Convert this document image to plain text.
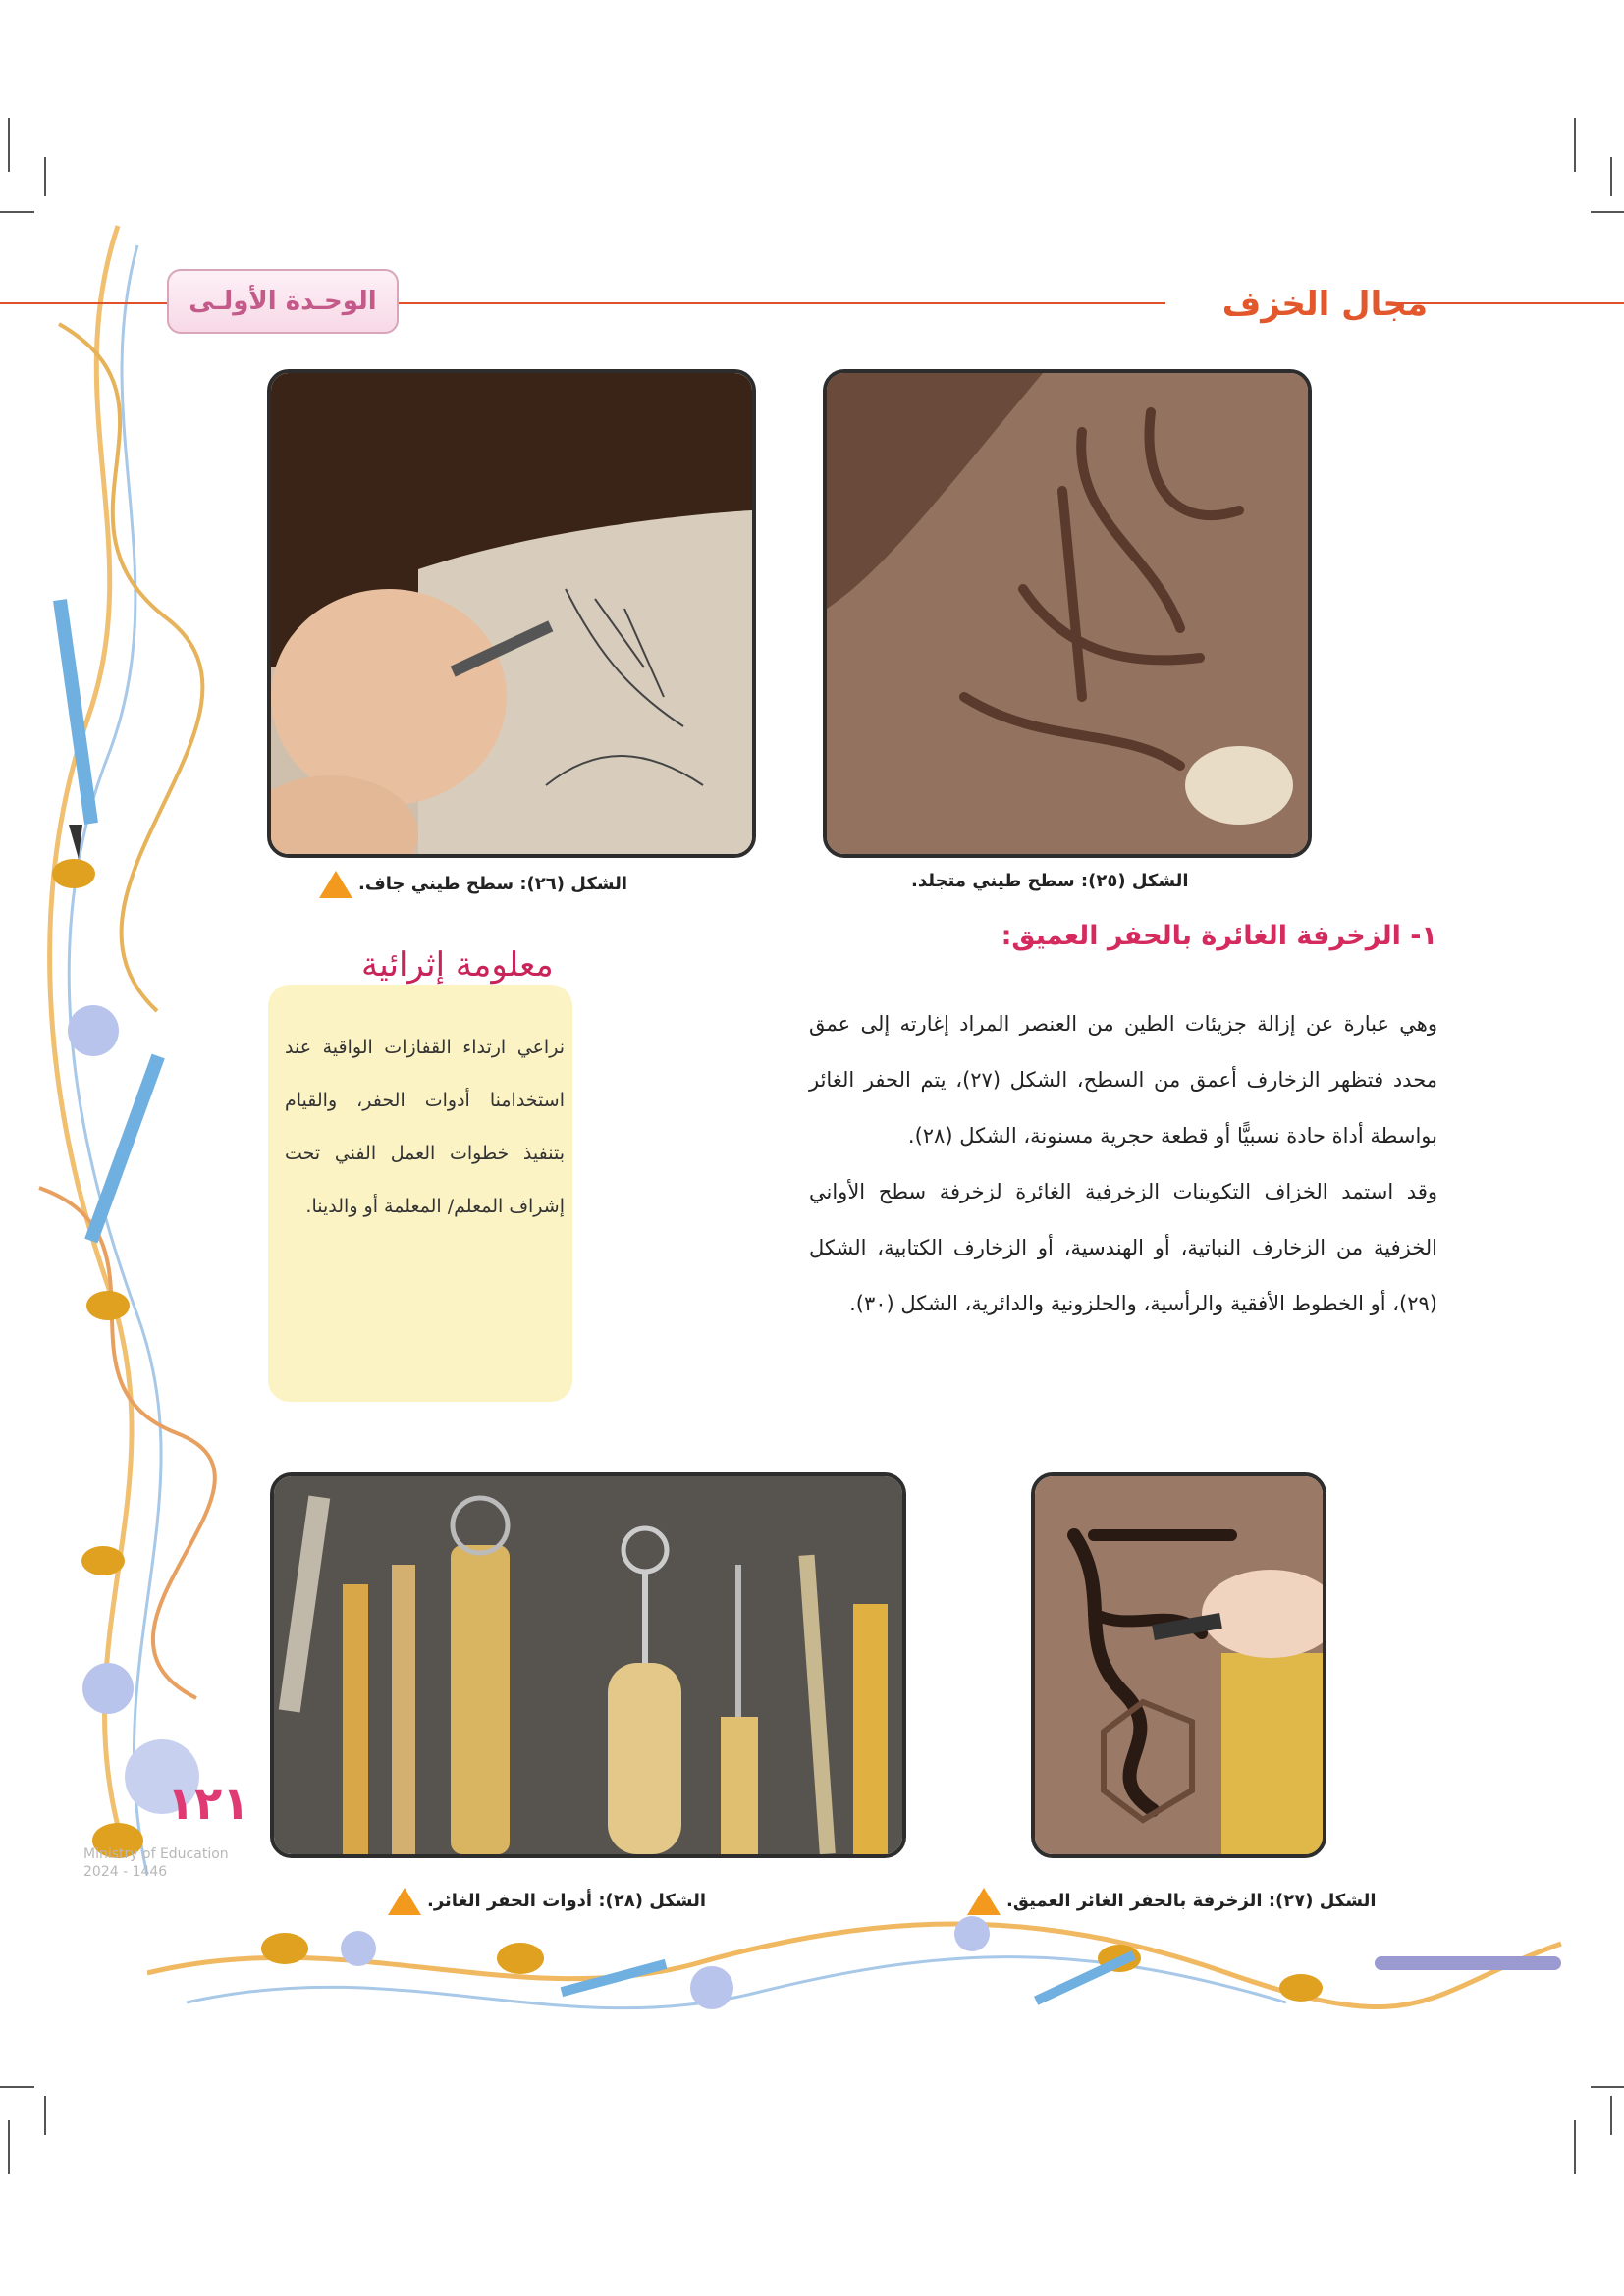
الوحـدة الأولـى	مجال الخزف
الشكل (٢٦): سطح طيني جاف.	الشكل (٢٥): سطح طيني متجلد.
١- الزخرفة الغائرة بالحفر العميق:

وهي عبارة عن إزالة جزيئات الطين من العنصر المراد إغارته إلى عمق محدد فتظهر الزخارف أعمق من السطح، الشكل (٢٧)، يتم الحفر الغائر بواسطة أداة حادة نسبيًّا أو قطعة حجرية مسنونة، الشكل (٢٨).

وقد استمد الخزاف التكوينات الزخرفية الغائرة لزخرفة سطح الأواني الخزفية من الزخارف النباتية، أو الهندسية، أو الزخارف الكتابية، الشكل (٢٩)، أو الخطوط الأفقية والرأسية، والحلزونية والدائرية، الشكل (٣٠).

معلومة إثرائية
نراعي ارتداء القفازات الواقية عند استخدامنا أدوات الحفر، والقيام بتنفيذ خطوات العمل الفني تحت إشراف المعلم/ المعلمة أو والدينا.
الشكل (٢٨): أدوات الحفر الغائر.	الشكل (٢٧): الزخرفة بالحفر الغائر العميق.
١٢١
Ministry of Education
2024 - 1446
